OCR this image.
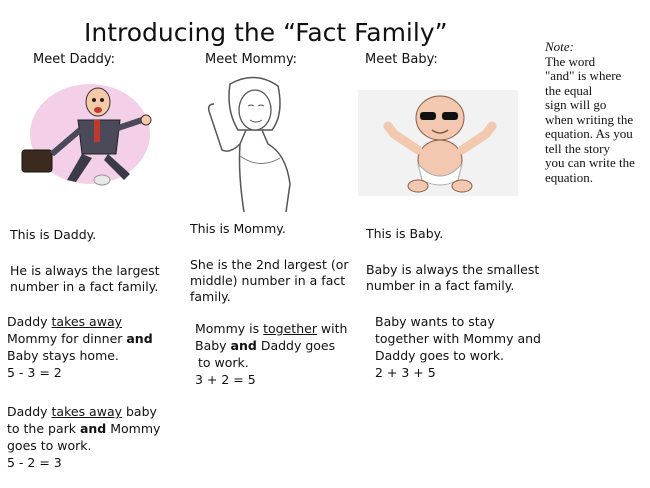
Introducing the “Fact Family”
Meet Daddy:	Meet Mommy:	Meet Baby:
Note:
The word
"and" is where
the equal
sign will go
when writing the
equation. As you
tell the story
you can write the
equation.
This is Daddy.
He is always the largest
number in a fact family.
Daddy takes away
Mommy for dinner and
Baby stays home.
5 - 3 = 2
Daddy takes away baby
to the park and Mommy
goes to work.
5 - 2 = 3
This is Mommy.
She is the 2nd largest (or
middle) number in a fact
family.
Mommy is together with
Baby and Daddy goes
to work.
3 + 2 = 5
This is Baby.
Baby is always the smallest
number in a fact family.
Baby wants to stay
together with Mommy and
Daddy goes to work.
2 + 3 + 5
